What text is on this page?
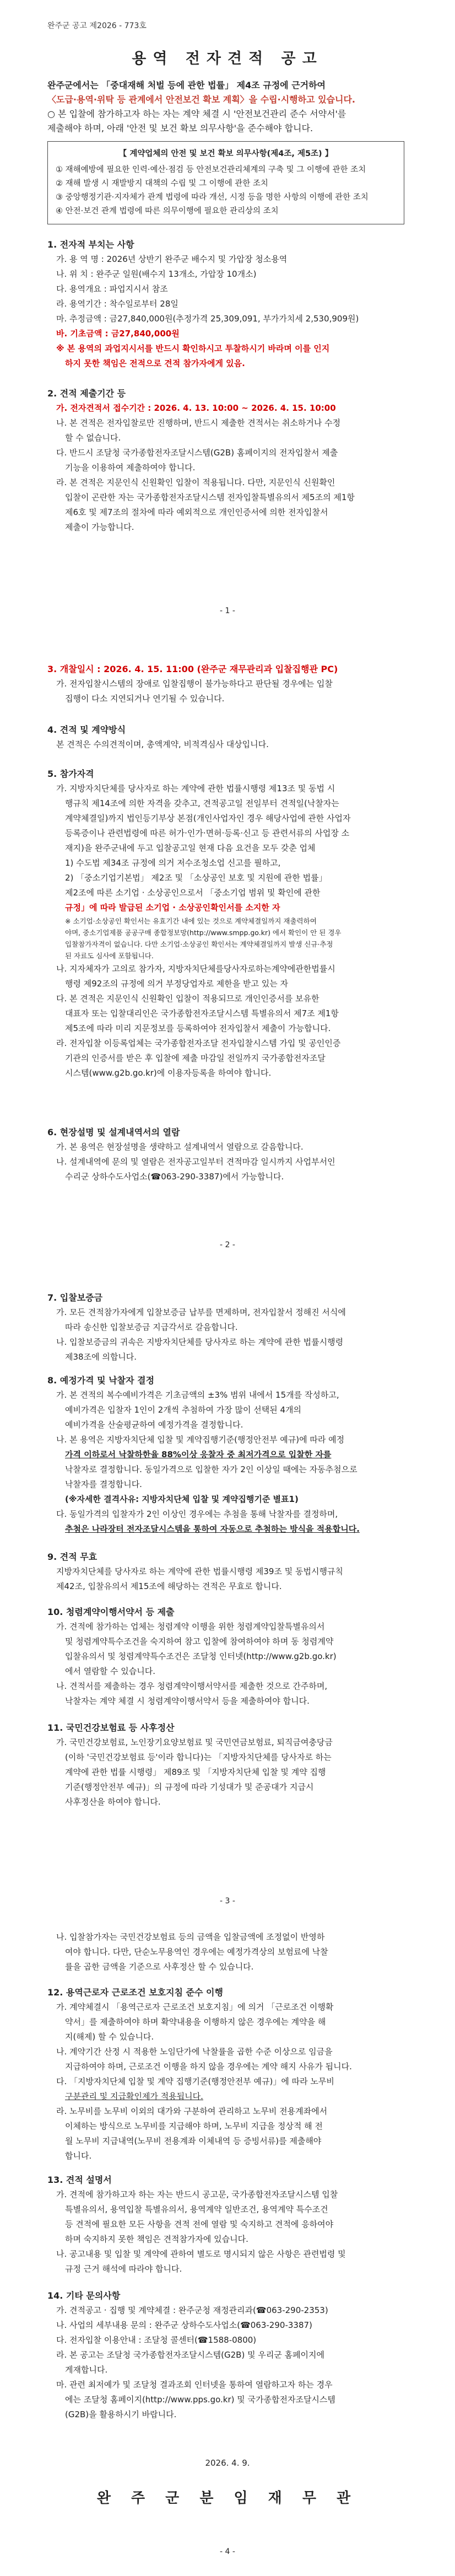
완주군 공고 제2026 - 773호
용역 전자견적 공고
완주군에서는 「중대재해 처벌 등에 관한 법률」 제4조 규정에 근거하여
〈도급·용역·위탁 등 관계에서 안전보건 확보 계획〉을 수립·시행하고 있습니다.
○ 본 입찰에 참가하고자 하는 자는 계약 체결 시 '안전보건관리 준수 서약서'를
제출해야 하며, 아래 '안전 및 보건 확보 의무사항'을 준수해야 합니다.
【 계약업체의 안전 및 보건 확보 의무사항(제4조, 제5조) 】
① 재해예방에 필요한 인력·예산·점검 등 안전보건관리체계의 구축 및 그 이행에 관한 조치
② 재해 발생 시 재발방지 대책의 수립 및 그 이행에 관한 조치
③ 중앙행정기관·지자체가 관계 법령에 따라 개선, 시정 등을 명한 사항의 이행에 관한 조치
④ 안전·보건 관계 법령에 따른 의무이행에 필요한 관리상의 조치
1. 전자적 부치는 사항

가. 용 역 명 : 2026년 상반기 완주군 배수지 및 가압장 청소용역

나. 위 치 : 완주군 일원(배수지 13개소, 가압장 10개소)

다. 용역개요 : 파업지시서 참조

라. 용역기간 : 착수일로부터 28일

마. 추정금액 : 금27,840,000원(추정가격 25,309,091, 부가가치세 2,530,909원)

바. 기초금액 : 금27,840,000원

※ 본 용역의 과업지시서를 반드시 확인하시고 투찰하시기 바라며 이를 인지

하지 못한 책임은 전적으로 견적 참가자에게 있음.

2. 견적 제출기간 등

가. 전자견적서 접수기간 : 2026. 4. 13. 10:00 ~ 2026. 4. 15. 10:00

나. 본 견적은 전자입찰로만 진행하며, 반드시 제출한 견적서는 취소하거나 수정

할 수 없습니다.

다. 반드시 조달청 국가종합전자조달시스템(G2B) 홈페이지의 전자입찰서 제출

기능을 이용하여 제출하여야 합니다.

라. 본 견적은 지문인식 신원확인 입찰이 적용됩니다. 다만, 지문인식 신원확인

입찰이 곤란한 자는 국가종합전자조달시스템 전자입찰특별유의서 제5조의 제1항

제6호 및 제7조의 절차에 따라 예외적으로 개인인증서에 의한 전자입찰서

제출이 가능합니다.

- 1 -
3. 개찰일시 : 2026. 4. 15. 11:00 (완주군 재무관리과 입찰집행관 PC)

가. 전자입찰시스템의 장애로 입찰집행이 불가능하다고 판단될 경우에는 입찰

집행이 다소 지연되거나 연기될 수 있습니다.

4. 견적 및 계약방식

본 견적은 수의견적이며, 총액계약, 비적격심사 대상입니다.

5. 참가자격

가. 지방자치단체를 당사자로 하는 계약에 관한 법률시행령 제13조 및 동법 시

행규칙 제14조에 의한 자격을 갖추고, 견적공고일 전일부터 견적일(낙찰자는

계약체결일)까지 법인등기부상 본점(개인사업자인 경우 해당사업에 관한 사업자

등록증이나 관련법령에 따른 허가·인가·면허·등록·신고 등 관련서류의 사업장 소

재지)을 완주군내에 두고 입찰공고일 현재 다음 요건을 모두 갖춘 업체

1) 수도법 제34조 규정에 의거 저수조청소업 신고를 필하고,

2) 「중소기업기본법」 제2조 및 「소상공인 보호 및 지원에 관한 법률」

제2조에 따른 소기업 · 소상공인으로서 「중소기업 범위 및 확인에 관한

규정」에 따라 발급된 소기업 · 소상공인확인서를 소지한 자

※ 소기업·소상공인 확인서는 유효기간 내에 있는 것으로 계약체결일까지 재출력하여

야며, 중소기업제품 공공구매 종합정보망(http://www.smpp.go.kr) 에서 확인이 안 된 경우

입찰참가자격이 없습니다. 다만 소기업·소상공인 확인서는 계약체결일까지 발생 신규·추정

된 자료도 심사에 포함됩니다.

나. 지자체자가 고의로 참가자, 지방자치단체를당사자로하는계약에관한법률시

행령 제92조의 규정에 의거 부정당업자로 제한을 받고 있는 자

다. 본 견적은 지문인식 신원확인 입찰이 적용되므로 개인인증서를 보유한

대표자 또는 입찰대리인은 국가종합전자조달시스템 특별유의서 제7조 제1항

제5조에 따라 미리 지문정보를 등록하여야 전자입찰서 제출이 가능합니다.

라. 전자입찰 이등록업체는 국가종합전자조달 전자입찰시스템 가입 및 공인인증

기관의 인증서를 받은 후 입찰에 제출 마감일 전일까지 국가종합전자조달

시스템(www.g2b.go.kr)에 이용자등록을 하여야 합니다.

6. 현장설명 및 설계내역서의 열람

가. 본 용역은 현장설명을 생략하고 설계내역서 열람으로 갈음합니다.

나. 설계내역에 문의 및 열람은 전자공고일부터 견적마감 일시까지 사업부서인

수리군 상하수도사업소(☎063-290-3387)에서 가능합니다.

- 2 -
7. 입찰보증금

가. 모든 견적참가자에게 입찰보증금 납부를 면제하며, 전자입찰서 정해진 서식에

따라 송신한 입찰보증금 지급각서로 갈음합니다.

나. 입찰보증금의 귀속은 지방자치단체를 당사자로 하는 계약에 관한 법률시행령

제38조에 의합니다.

8. 예정가격 및 낙찰자 결정

가. 본 견적의 복수예비가격은 기초금액의 ±3% 범위 내에서 15개를 작성하고,

예비가격은 입찰자 1인이 2개씩 추첨하여 가장 많이 선택된 4개의

예비가격을 산술평균하여 예정가격을 결정합니다.

나. 본 용역은 지방자치단체 입찰 및 계약집행기준(행정안전부 예규)에 따라 예정

가격 이하로서 낙찰하한율 88%이상 응찰자 중 최저가격으로 입찰한 자를

낙찰자로 결정합니다. 동일가격으로 입찰한 자가 2인 이상일 때에는 자동추첨으로

낙찰자를 결정합니다.

(※자세한 결격사유: 지방자치단체 입찰 및 계약집행기준 별표1)

다. 동일가격의 입찰자가 2인 이상인 경우에는 추첨을 통해 낙찰자를 결정하며,

추첨은 나라장터 전자조달시스템을 통하여 자동으로 추첨하는 방식을 적용합니다.

9. 견적 무효

지방자치단체를 당사자로 하는 계약에 관한 법률시행령 제39조 및 동법시행규칙

제42조, 입찰유의서 제15조에 해당하는 견적은 무효로 합니다.

10. 청렴계약이행서약서 등 제출

가. 견적에 참가하는 업체는 청렴계약 이행을 위한 청렴계약입찰특별유의서

및 청렴계약특수조건을 숙지하여 참고 입찰에 참여하여야 하며 동 청렴계약

입찰유의서 및 청렴계약특수조건은 조달청 인터넷(http://www.g2b.go.kr)

에서 열람할 수 있습니다.

나. 견적서를 제출하는 경우 청렴계약이행서약서를 제출한 것으로 간주하며,

낙찰자는 계약 체결 시 청렴계약이행서약서 등을 제출하여야 합니다.

11. 국민건강보험료 등 사후정산

가. 국민건강보험료, 노인장기요양보험료 및 국민연금보험료, 퇴직금여충당금

(이하 '국민건강보험료 등'이라 합니다)는 「지방자치단체를 당사자로 하는

계약에 관한 법률 시행령」 제89조 및 「지방자치단체 입찰 및 계약 집행

기준(행정안전부 예규)」의 규정에 따라 기성대가 및 준공대가 지급시

사후정산을 하여야 합니다.

- 3 -

나. 입찰참가자는 국민건강보험료 등의 금액을 입찰금액에 조정없이 반영하

여야 합니다. 다만, 단순노무용역인 경우에는 예정가격상의 보험료에 낙찰

률을 곱한 금액을 기준으로 사후정산 할 수 있습니다.

12. 용역근로자 근로조건 보호지침 준수 이행

가. 계약체결시 「용역근로자 근로조건 보호지침」에 의거 「근로조건 이행확

약서」를 제출하여야 하며 확약내용을 이행하지 않은 경우에는 계약을 해

지(해제) 할 수 있습니다.

나. 계약기간 산정 시 적용한 노임단가에 낙찰률을 곱한 수준 이상으로 임금을

지급하여야 하며, 근로조건 이행을 하지 않을 경우에는 계약 해지 사유가 됩니다.

다. 「지방자치단체 입찰 및 계약 집행기준(행정안전부 예규)」에 따라 노무비

구분관리 및 지급확인제가 적용됩니다.

라. 노무비를 노무비 이외의 대가와 구분하여 관리하고 노무비 전용계좌에서

이체하는 방식으로 노무비를 지급해야 하며, 노무비 지급을 정상적 해 전

월 노무비 지급내역(노무비 전용계좌 이체내역 등 증빙서류)를 제출해야

합니다.

13. 견적 설명서

가. 견적에 참가하고자 하는 자는 반드시 공고문, 국가종합전자조달시스템 입찰

특별유의서, 용역입찰 특별유의서, 용역계약 일반조건, 용역계약 특수조건

등 견적에 필요한 모든 사항을 견적 전에 열람 및 숙지하고 견적에 응하여야

하며 숙지하지 못한 책임은 견적참가자에 있습니다.

나. 공고내용 및 입찰 및 계약에 관하여 별도로 명시되지 않은 사항은 관련법령 및

규정 근거 해석에 따라야 합니다.

14. 기타 문의사항

가. 견적공고 · 집행 및 계약체결 : 완주군청 재정관리과(☎063-290-2353)

나. 사업의 세부내용 문의 : 완주군 상하수도사업소(☎063-290-3387)

다. 전자입찰 이용안내 : 조달청 콜센터(☎1588-0800)

라. 본 공고는 조달청 국가종합전자조달시스템(G2B) 및 우리군 홈페이지에

게재합니다.

마. 관련 최저예가 및 조달청 결과조회 인터넷을 통하여 열람하고자 하는 경우

에는 조달청 홈페이지(http://www.pps.go.kr) 및 국가종합전자조달시스템

(G2B)을 활용하시기 바랍니다.

2026. 4. 9.
완 주 군 분 임 재 무 관
- 4 -
